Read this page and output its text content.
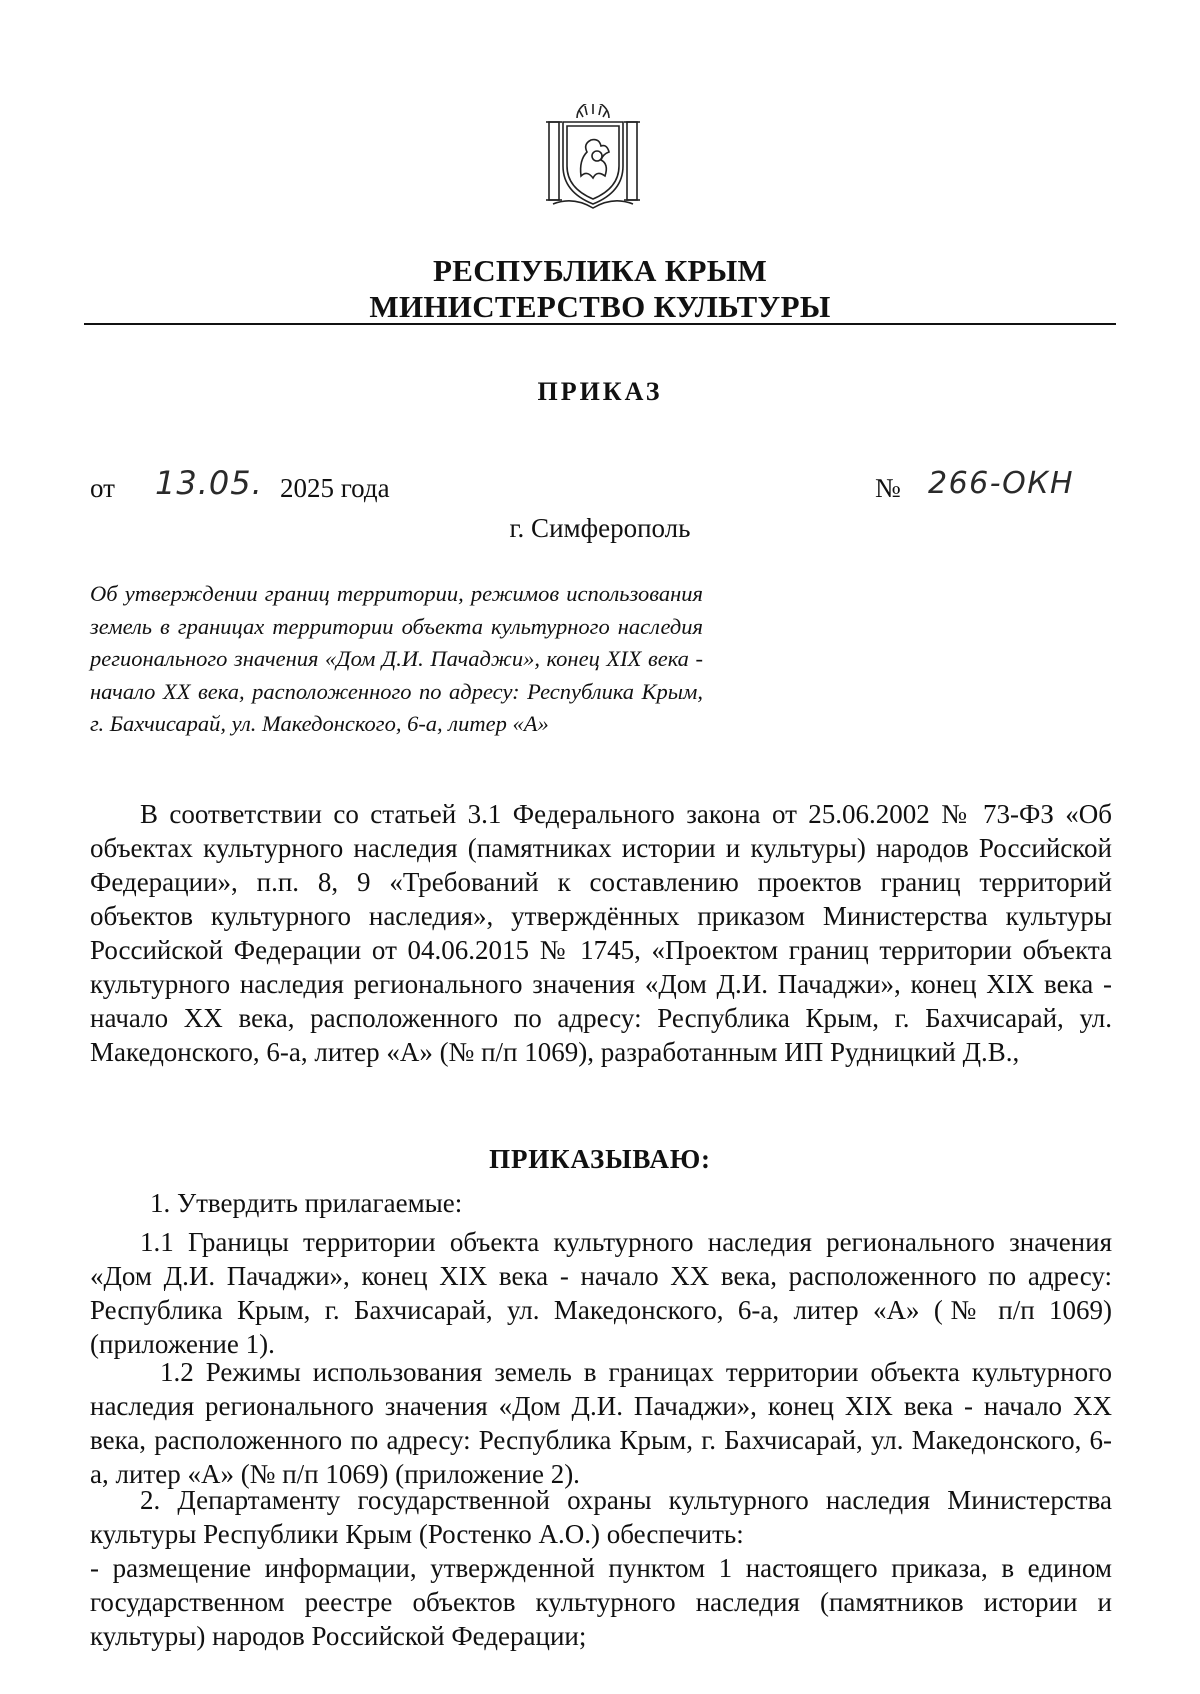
РЕСПУБЛИКА КРЫМ
МИНИСТЕРСТВО КУЛЬТУРЫ
ПРИКАЗ
от 13.05. 2025 года	№ 266-ОКН
г. Симферополь
Об утверждении границ территории, режимов использования земель в границах территории объекта культурного наследия регионального значения «Дом Д.И. Пачаджи», конец XIX века - начало XX века, расположенного по адресу: Республика Крым, г. Бахчисарай, ул. Македонского, 6-а, литер «А»
В соответствии со статьей 3.1 Федерального закона от 25.06.2002 № 73-ФЗ «Об объектах культурного наследия (памятниках истории и культуры) народов Российской Федерации», п.п. 8, 9 «Требований к составлению проектов границ территорий объектов культурного наследия», утверждённых приказом Министерства культуры Российской Федерации от 04.06.2015 № 1745, «Проектом границ территории объекта культурного наследия регионального значения «Дом Д.И. Пачаджи», конец XIX века - начало XX века, расположенного по адресу: Республика Крым, г. Бахчисарай, ул. Македонского, 6-а, литер «А» (№ п/п 1069), разработанным ИП Рудницкий Д.В.,
ПРИКАЗЫВАЮ:
1. Утвердить прилагаемые:
1.1 Границы территории объекта культурного наследия регионального значения «Дом Д.И. Пачаджи», конец XIX века - начало XX века, расположенного по адресу: Республика Крым, г. Бахчисарай, ул. Македонского, 6-а, литер «А» (№ п/п 1069) (приложение 1).
1.2 Режимы использования земель в границах территории объекта культурного наследия регионального значения «Дом Д.И. Пачаджи», конец XIX века - начало XX века, расположенного по адресу: Республика Крым, г. Бахчисарай, ул. Македонского, 6-а, литер «А» (№ п/п 1069) (приложение 2).
2. Департаменту государственной охраны культурного наследия Министерства культуры Республики Крым (Ростенко А.О.) обеспечить:
- размещение информации, утвержденной пунктом 1 настоящего приказа, в едином государственном реестре объектов культурного наследия (памятников истории и культуры) народов Российской Федерации;
